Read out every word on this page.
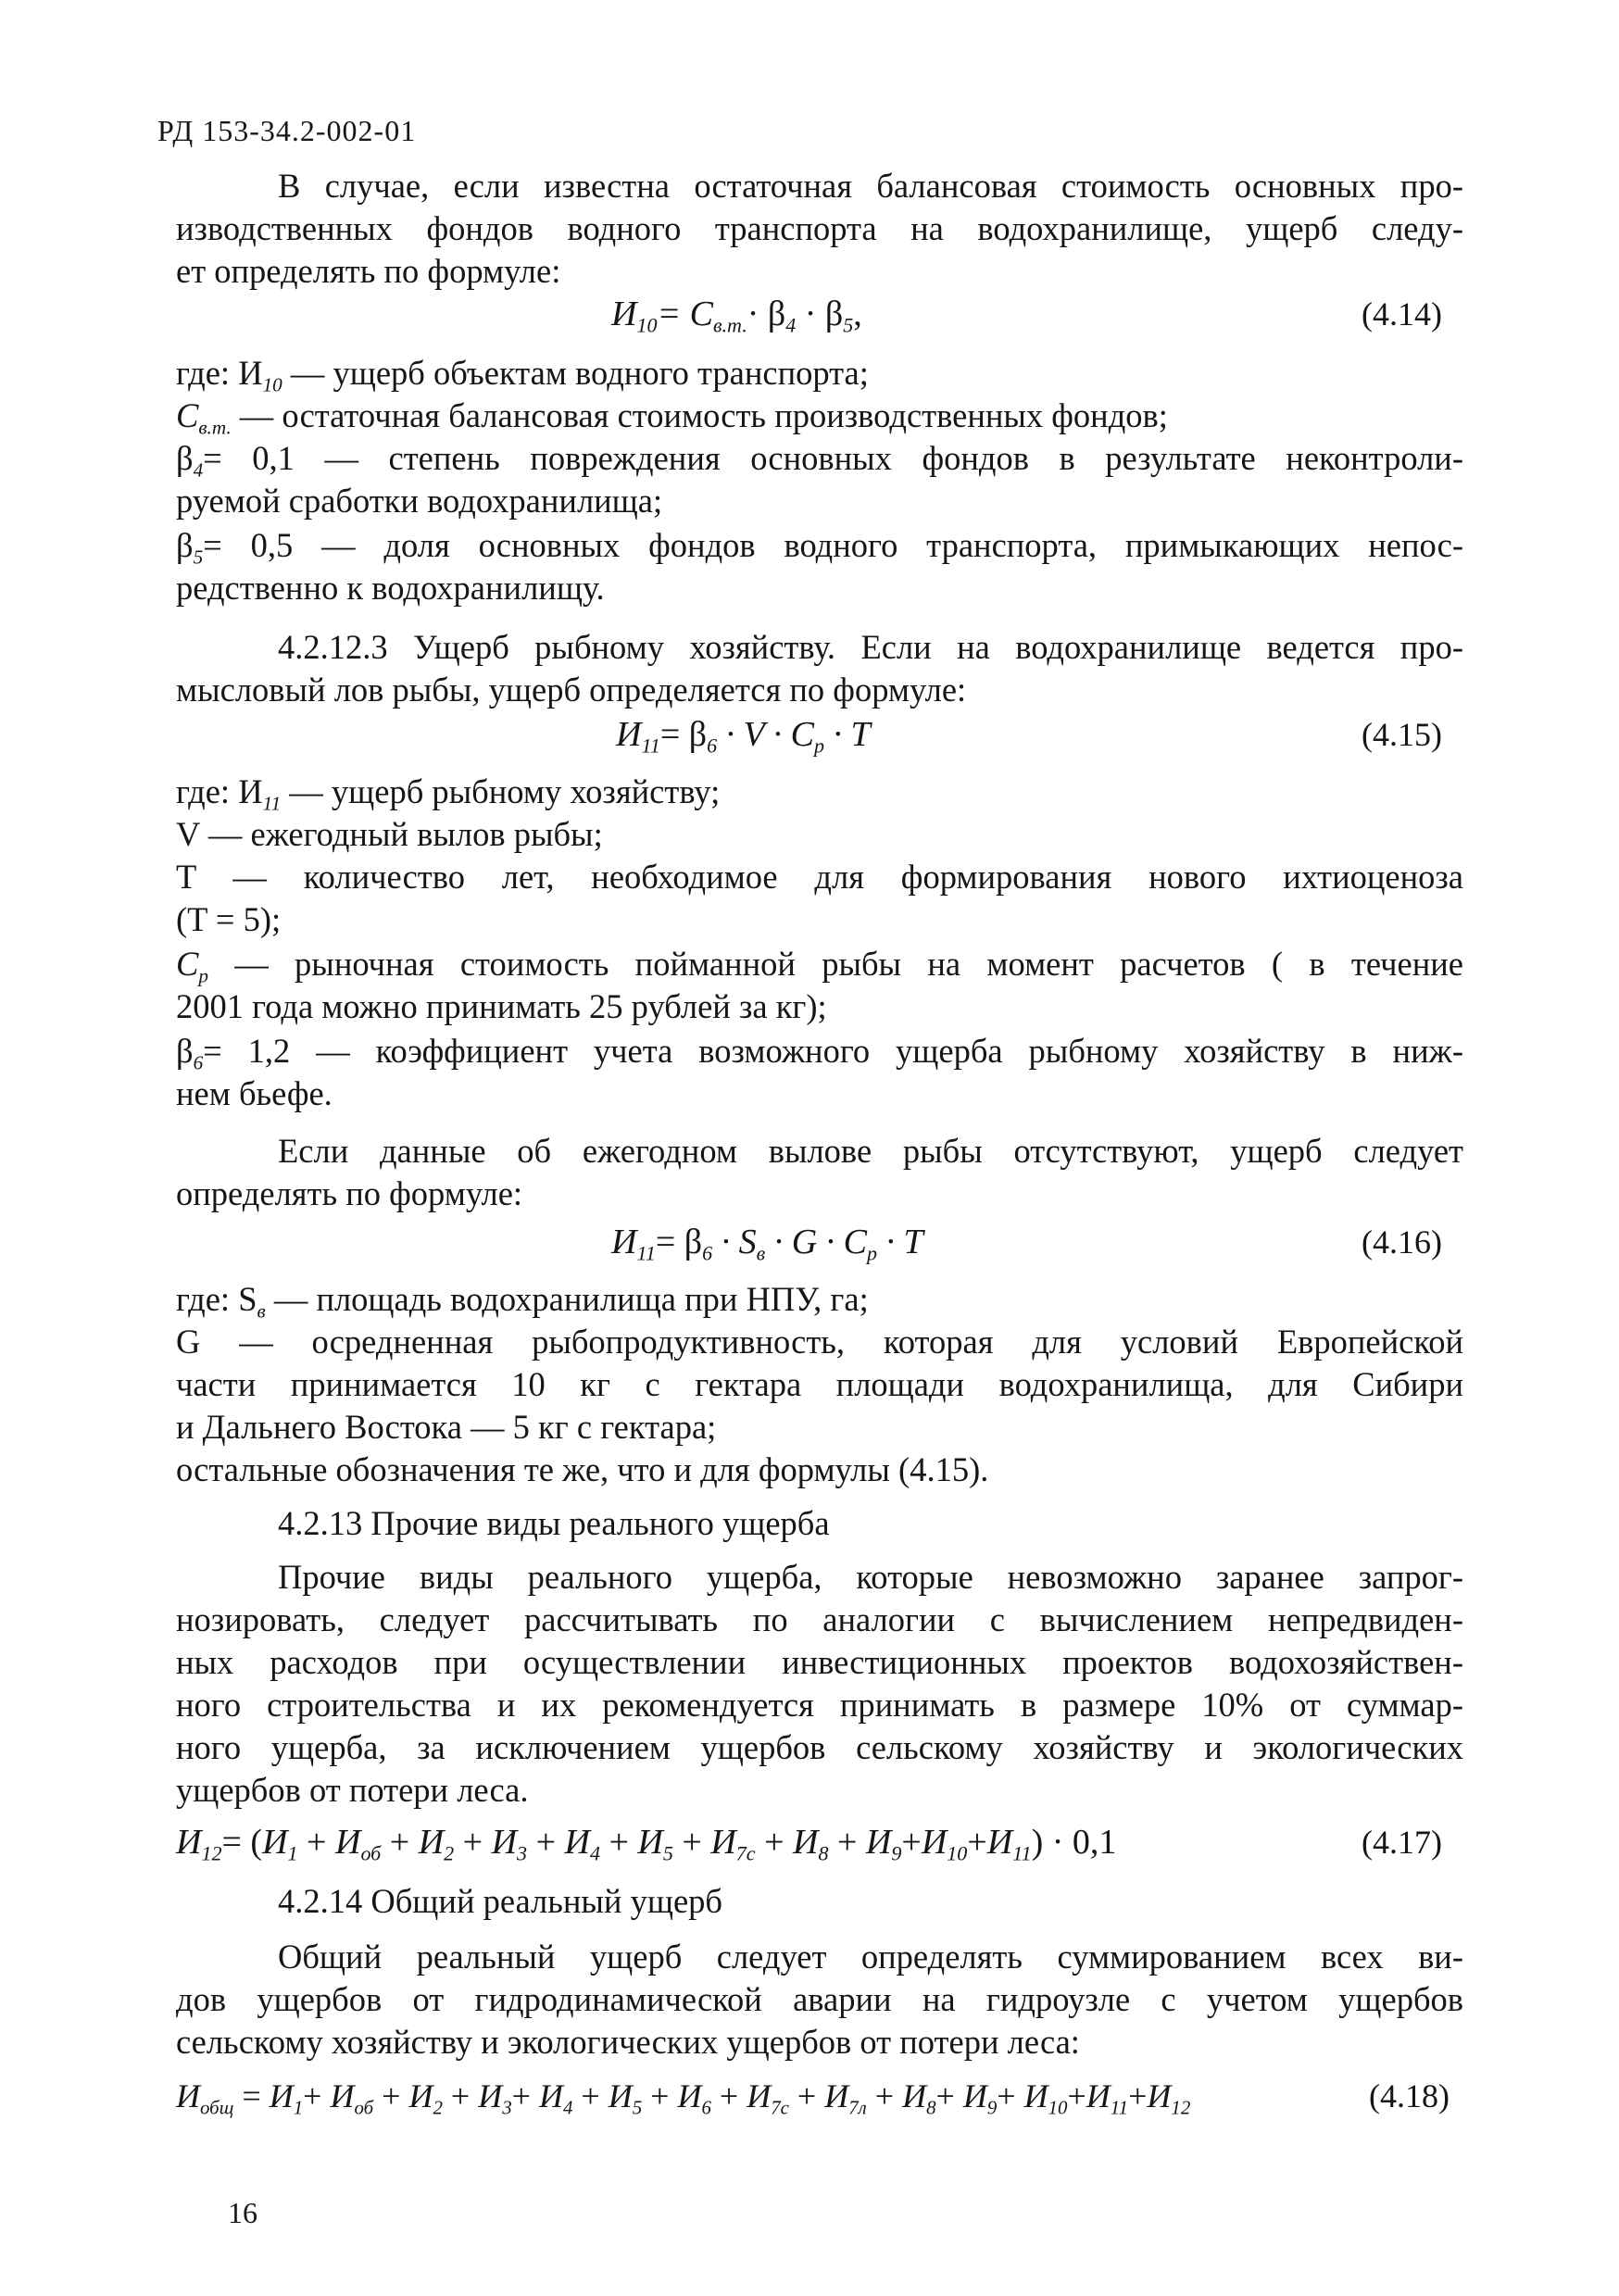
РД 153-34.2-002-01
В случае, если известна остаточная балансовая стоимость основных про-
изводственных фондов водного транспорта на водохранилище, ущерб следу-
ет определять по формуле:
$И_{10}= C_{в.т.}\cdot \beta_4 \cdot \beta_5$,	(4.14)
где: $И_{10}$ — ущерб объектам водного транспорта;
$C_{в.т.}$ — остаточная балансовая стоимость производственных фондов;
$\beta_4= 0,1$ — степень повреждения основных фондов в результате неконтроли-
руемой сработки водохранилища;
$\beta_5= 0,5$ — доля основных фондов водного транспорта, примыкающих непос-
редственно к водохранилищу.
4.2.12.3 Ущерб рыбному хозяйству. Если на водохранилище ведется про-
мысловый лов рыбы, ущерб определяется по формуле:
$И_{11}= \beta_6 \cdot V \cdot C_р \cdot T$	(4.15)
где: $И_{11}$ — ущерб рыбному хозяйству;
V — ежегодный вылов рыбы;
T — количество лет, необходимое для формирования нового ихтиоценоза
(T = 5);
$C_р$ — рыночная стоимость пойманной рыбы на момент расчетов ( в течение
2001 года можно принимать 25 рублей за кг);
$\beta_6= 1,2$ — коэффициент учета возможного ущерба рыбному хозяйству в ниж-
нем бьефе.
Если данные об ежегодном вылове рыбы отсутствуют, ущерб следует
определять по формуле:
$И_{11}= \beta_6 \cdot S_в \cdot G \cdot C_р \cdot T$	(4.16)
где: $S_в$ — площадь водохранилища при НПУ, га;
G — осредненная рыбопродуктивность, которая для условий Европейской
части принимается 10 кг с гектара площади водохранилища, для Сибири
и Дальнего Востока — 5 кг с гектара;
остальные обозначения те же, что и для формулы (4.15).
4.2.13 Прочие виды реального ущерба
Прочие виды реального ущерба, которые невозможно заранее запрог-
нозировать, следует рассчитывать по аналогии с вычислением непредвиден-
ных расходов при осуществлении инвестиционных проектов водохозяйствен-
ного строительства и их рекомендуется принимать в размере 10% от суммар-
ного ущерба, за исключением ущербов сельскому хозяйству и экологических
ущербов от потери леса.
$И_{12}= (И_1 + И_{об} + И_2 + И_3 + И_4 + И_5 + И_{7с} + И_8 + И_9+И_{10}+И_{11}) \cdot 0,1$	(4.17)
4.2.14 Общий реальный ущерб
Общий реальный ущерб следует определять суммированием всех ви-
дов ущербов от гидродинамической аварии на гидроузле с учетом ущербов
сельскому хозяйству и экологических ущербов от потери леса:
$И_{общ} = И_1+ И_{об} + И_2 + И_3+ И_4 + И_5 + И_6 + И_{7с} + И_{7л} + И_8+ И_9+ И_{10}+И_{11}+И_{12}$	(4.18)
16
